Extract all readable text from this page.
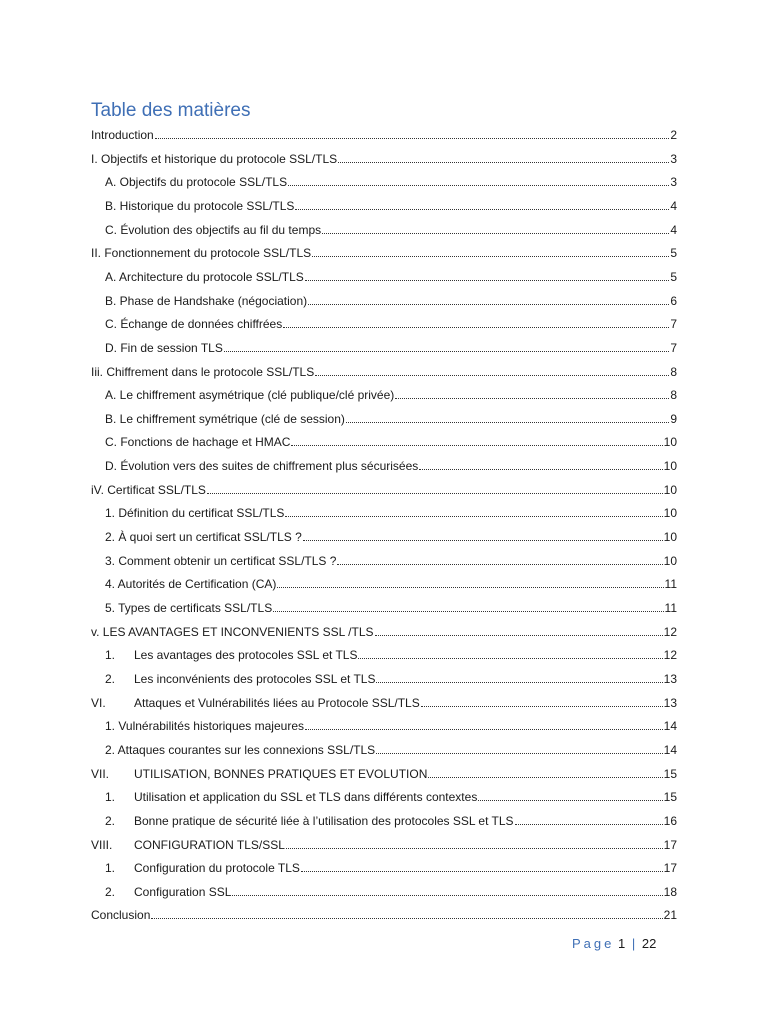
Table des matières
Introduction	2
I. Objectifs et historique du protocole SSL/TLS	3
A. Objectifs du protocole SSL/TLS	3
B. Historique du protocole SSL/TLS	4
C. Évolution des objectifs au fil du temps	4
II. Fonctionnement du protocole SSL/TLS	5
A. Architecture du protocole SSL/TLS	5
B. Phase de Handshake (négociation)	6
C. Échange de données chiffrées	7
D. Fin de session TLS	7
Iii. Chiffrement dans le protocole SSL/TLS	8
A. Le chiffrement asymétrique (clé publique/clé privée)	8
B. Le chiffrement symétrique (clé de session)	9
C. Fonctions de hachage et HMAC	10
D. Évolution vers des suites de chiffrement plus sécurisées	10
iV. Certificat SSL/TLS	10
1. Définition du certificat SSL/TLS	10
2. À quoi sert un certificat SSL/TLS ?	10
3. Comment obtenir un certificat SSL/TLS ?	10
4. Autorités de Certification (CA)	11
5. Types de certificats SSL/TLS	11
v. LES AVANTAGES ET INCONVENIENTS SSL /TLS	12
1.	Les avantages des protocoles SSL et TLS	12
2.	Les inconvénients des protocoles SSL et TLS	13
VI.	Attaques et Vulnérabilités liées au Protocole SSL/TLS	13
1. Vulnérabilités historiques majeures	14
2. Attaques courantes sur les connexions SSL/TLS	14
VII.	UTILISATION, BONNES PRATIQUES ET EVOLUTION	15
1.	Utilisation et application du SSL et TLS dans différents contextes	15
2.	Bonne pratique de sécurité liée à l’utilisation des protocoles SSL et TLS	16
VIII.	CONFIGURATION TLS/SSL	17
1.	Configuration du protocole TLS	17
2.	Configuration SSL	18
Conclusion	21
Page 1 | 22
